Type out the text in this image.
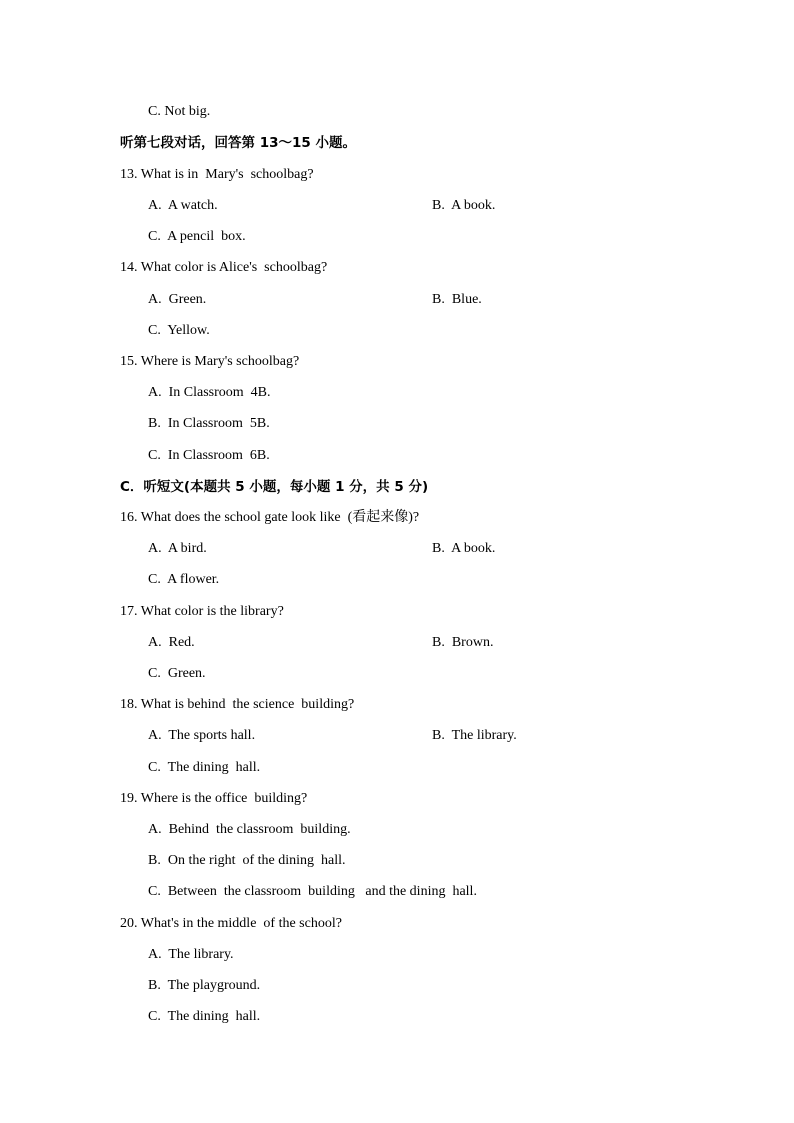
C. Not big.
听第七段对话，回答第 13～15 小题。
13. What is in  Mary's  schoolbag?
A.  A watch.	B.  A book.
C.  A pencil  box.
14. What color is Alice's  schoolbag?
A.  Green.	B.  Blue.
C.  Yellow.
15. Where is Mary's schoolbag?
A.  In Classroom  4B.
B.  In Classroom  5B.
C.  In Classroom  6B.
C．听短文(本题共 5 小题，每小题 1 分，共 5 分)
16. What does the school gate look like  (看起来像)?
A.  A bird.	B.  A book.
C.  A flower.
17. What color is the library?
A.  Red.	B.  Brown.
C.  Green.
18. What is behind  the science  building?
A.  The sports hall.	B.  The library.
C.  The dining  hall.
19. Where is the office  building?
A.  Behind  the classroom  building.
B.  On the right  of the dining  hall.
C.  Between  the classroom  building   and the dining  hall.
20. What's in the middle  of the school?
A.  The library.
B.  The playground.
C.  The dining  hall.
